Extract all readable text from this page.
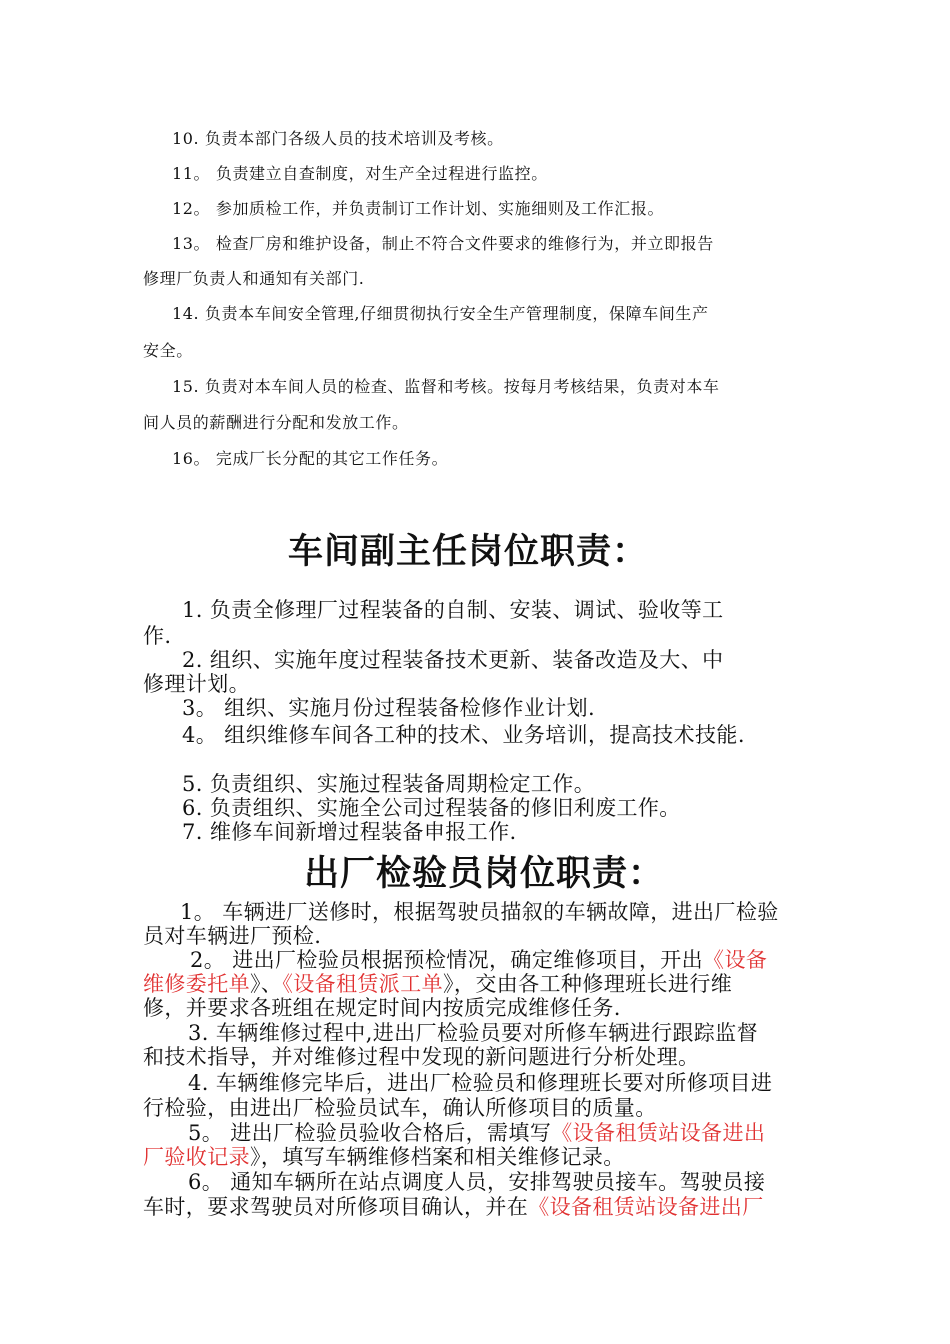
10. 负责本部门各级人员的技术培训及考核。
11。 负责建立自查制度，对生产全过程进行监控。
12。 参加质检工作，并负责制订工作计划、实施细则及工作汇报。
13。 检查厂房和维护设备，制止不符合文件要求的维修行为，并立即报告
修理厂负责人和通知有关部门.
14. 负责本车间安全管理,仔细贯彻执行安全生产管理制度，保障车间生产
安全。
15. 负责对本车间人员的检查、监督和考核。按每月考核结果，负责对本车
间人员的薪酬进行分配和发放工作。
16。 完成厂长分配的其它工作任务。
车间副主任岗位职责：
1. 负责全修理厂过程装备的自制、安装、调试、验收等工
作.
2. 组织、实施年度过程装备技术更新、装备改造及大、中
修理计划。
3。 组织、实施月份过程装备检修作业计划.
4。 组织维修车间各工种的技术、业务培训，提高技术技能.
5. 负责组织、实施过程装备周期检定工作。
6. 负责组织、实施全公司过程装备的修旧利废工作。
7. 维修车间新增过程装备申报工作.
出厂检验员岗位职责：
1。 车辆进厂送修时，根据驾驶员描叙的车辆故障，进出厂检验
员对车辆进厂预检.
2。 进出厂检验员根据预检情况，确定维修项目，开出《设备
维修委托单》、《设备租赁派工单》，交由各工种修理班长进行维
修，并要求各班组在规定时间内按质完成维修任务.
3. 车辆维修过程中,进出厂检验员要对所修车辆进行跟踪监督
和技术指导，并对维修过程中发现的新问题进行分析处理。
4. 车辆维修完毕后，进出厂检验员和修理班长要对所修项目进
行检验，由进出厂检验员试车，确认所修项目的质量。
5。 进出厂检验员验收合格后，需填写《设备租赁站设备进出
厂验收记录》，填写车辆维修档案和相关维修记录。
6。 通知车辆所在站点调度人员，安排驾驶员接车。驾驶员接
车时，要求驾驶员对所修项目确认，并在《设备租赁站设备进出厂
